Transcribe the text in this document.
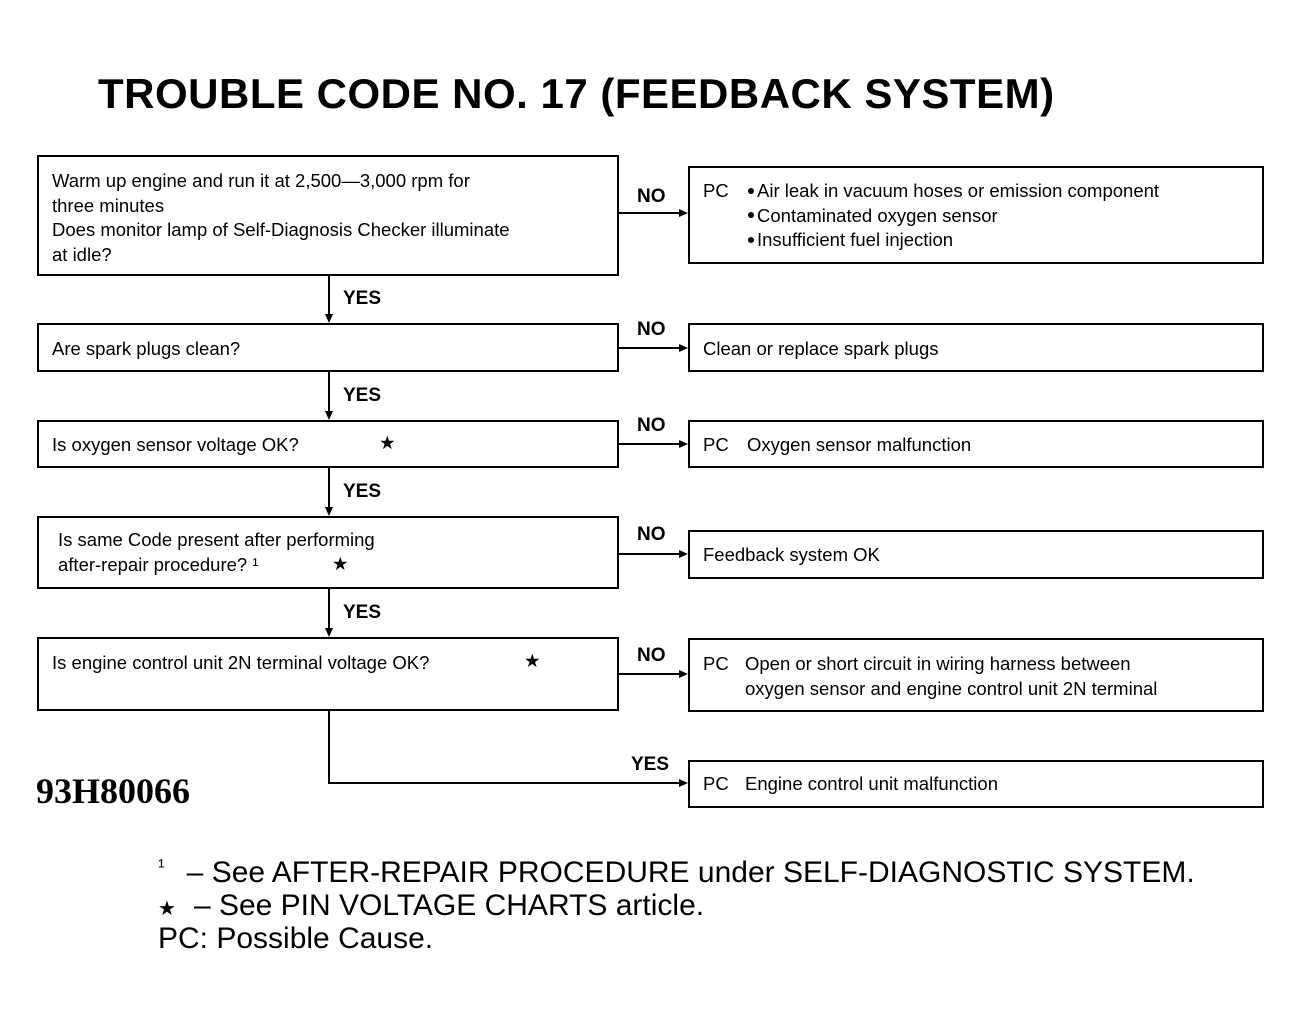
TROUBLE CODE NO. 17 (FEEDBACK SYSTEM)
Warm up engine and run it at 2,500—3,000 rpm for
three minutes
Does monitor lamp of Self-Diagnosis Checker illuminate
at idle?
Are spark plugs clean?
Is oxygen sensor voltage OK?	★
Is same Code present after performing
after-repair procedure? ¹	★
Is engine control unit 2N terminal voltage OK?	★
PC	Air leak in vacuum hoses or emission component
Contaminated oxygen sensor
Insufficient fuel injection
Clean or replace spark plugs
PC Oxygen sensor malfunction
Feedback system OK
PC Open or short circuit in wiring harness between
oxygen sensor and engine control unit 2N terminal
PC Engine control unit malfunction
YES
YES
YES
YES
YES
NO
NO
NO
NO
NO
93H80066
$^{^1}$ – See AFTER-REPAIR PROCEDURE under SELF-DIAGNOSTIC SYSTEM.
★ – See PIN VOLTAGE CHARTS article.
PC: Possible Cause.
